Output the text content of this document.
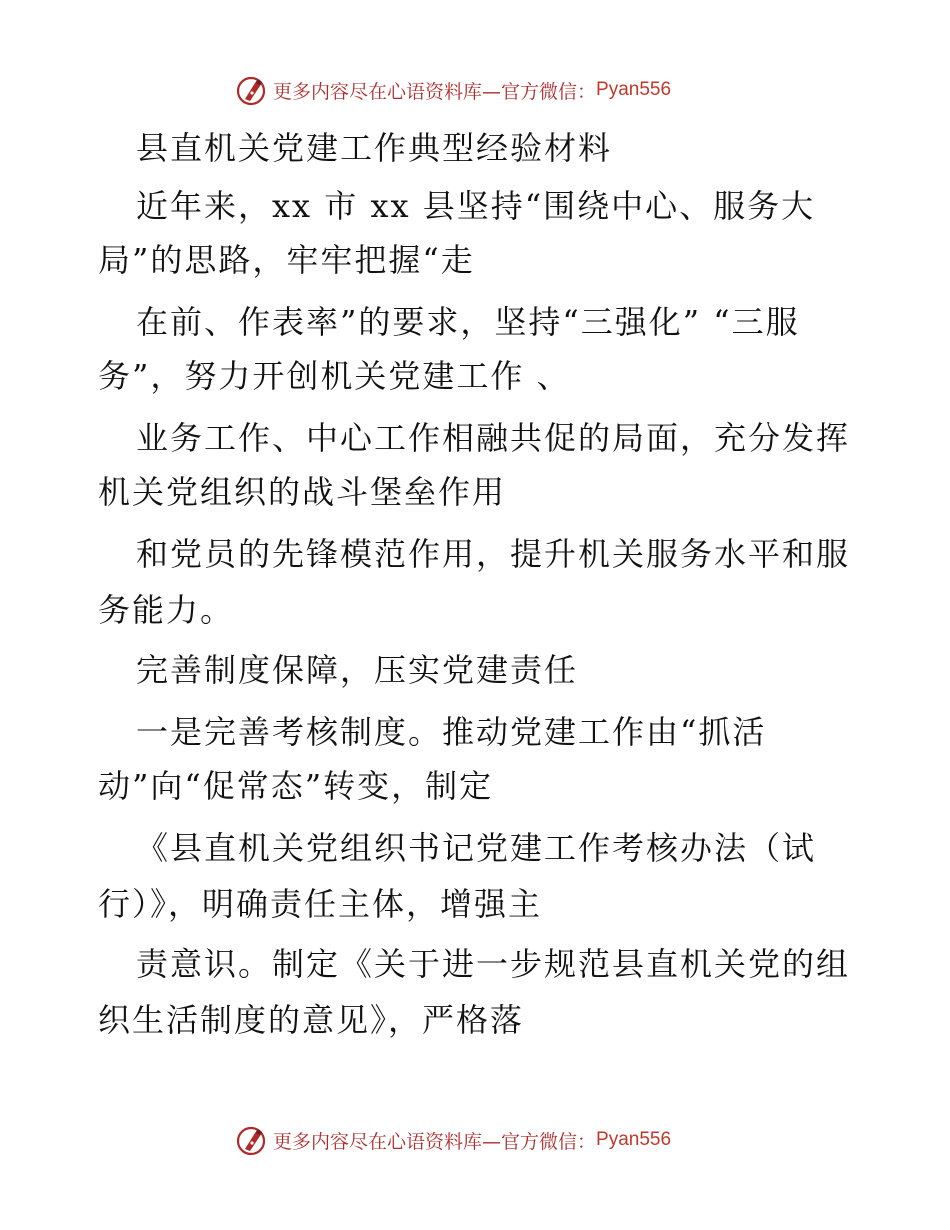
更多内容尽在心语资料库—官方微信： Pyan556
县直机关党建工作典型经验材料
近年来，xx 市 xx 县坚持“围绕中心、服务大
局”的思路，牢牢把握“走
在前、作表率”的要求，坚持“三强化” “三服
务”，努力开创机关党建工作 、
业务工作、中心工作相融共促的局面，充分发挥
机关党组织的战斗堡垒作用
和党员的先锋模范作用，提升机关服务水平和服
务能力。
完善制度保障，压实党建责任
一是完善考核制度。推动党建工作由“抓活
动”向“促常态”转变，制定
《县直机关党组织书记党建工作考核办法（试
行）》，明确责任主体，增强主
责意识。制定《关于进一步规范县直机关党的组
织生活制度的意见》，严格落
更多内容尽在心语资料库—官方微信： Pyan556
